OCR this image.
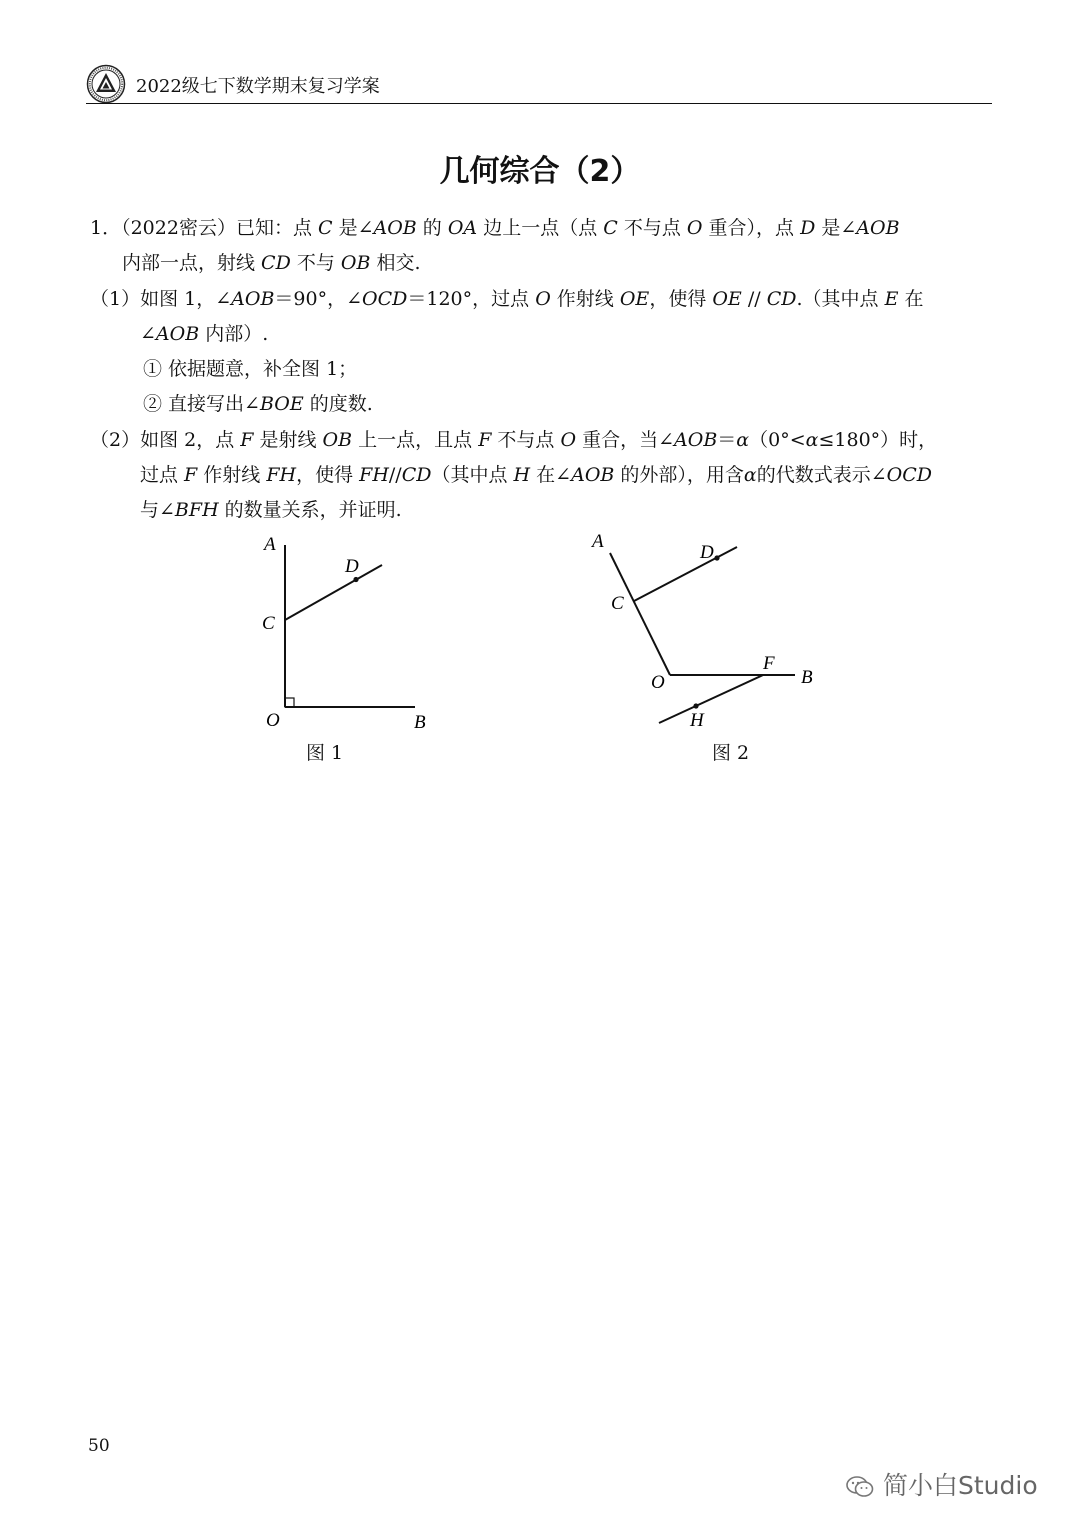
2022级七下数学期末复习学案
几何综合（2）
1．（2022密云）已知：点 C 是∠AOB 的 OA 边上一点（点 C 不与点 O 重合），点 D 是∠AOB
内部一点，射线 CD 不与 OB 相交.
（1）如图 1，∠AOB＝90°，∠OCD＝120°，过点 O 作射线 OE，使得 OE // CD.（其中点 E 在
∠AOB 内部）.
① 依据题意，补全图 1；
② 直接写出∠BOE 的度数.
（2）如图 2，点 F 是射线 OB 上一点，且点 F 不与点 O 重合，当∠AOB＝α（0°<α≤180°）时，
过点 F 作射线 FH，使得 FH//CD（其中点 H 在∠AOB 的外部），用含α的代数式表示∠OCD
与∠BFH 的数量关系，并证明.
A
D
C
O	B
图 1
A
D
C
F
B
O
H
图 2
50
简小白Studio
